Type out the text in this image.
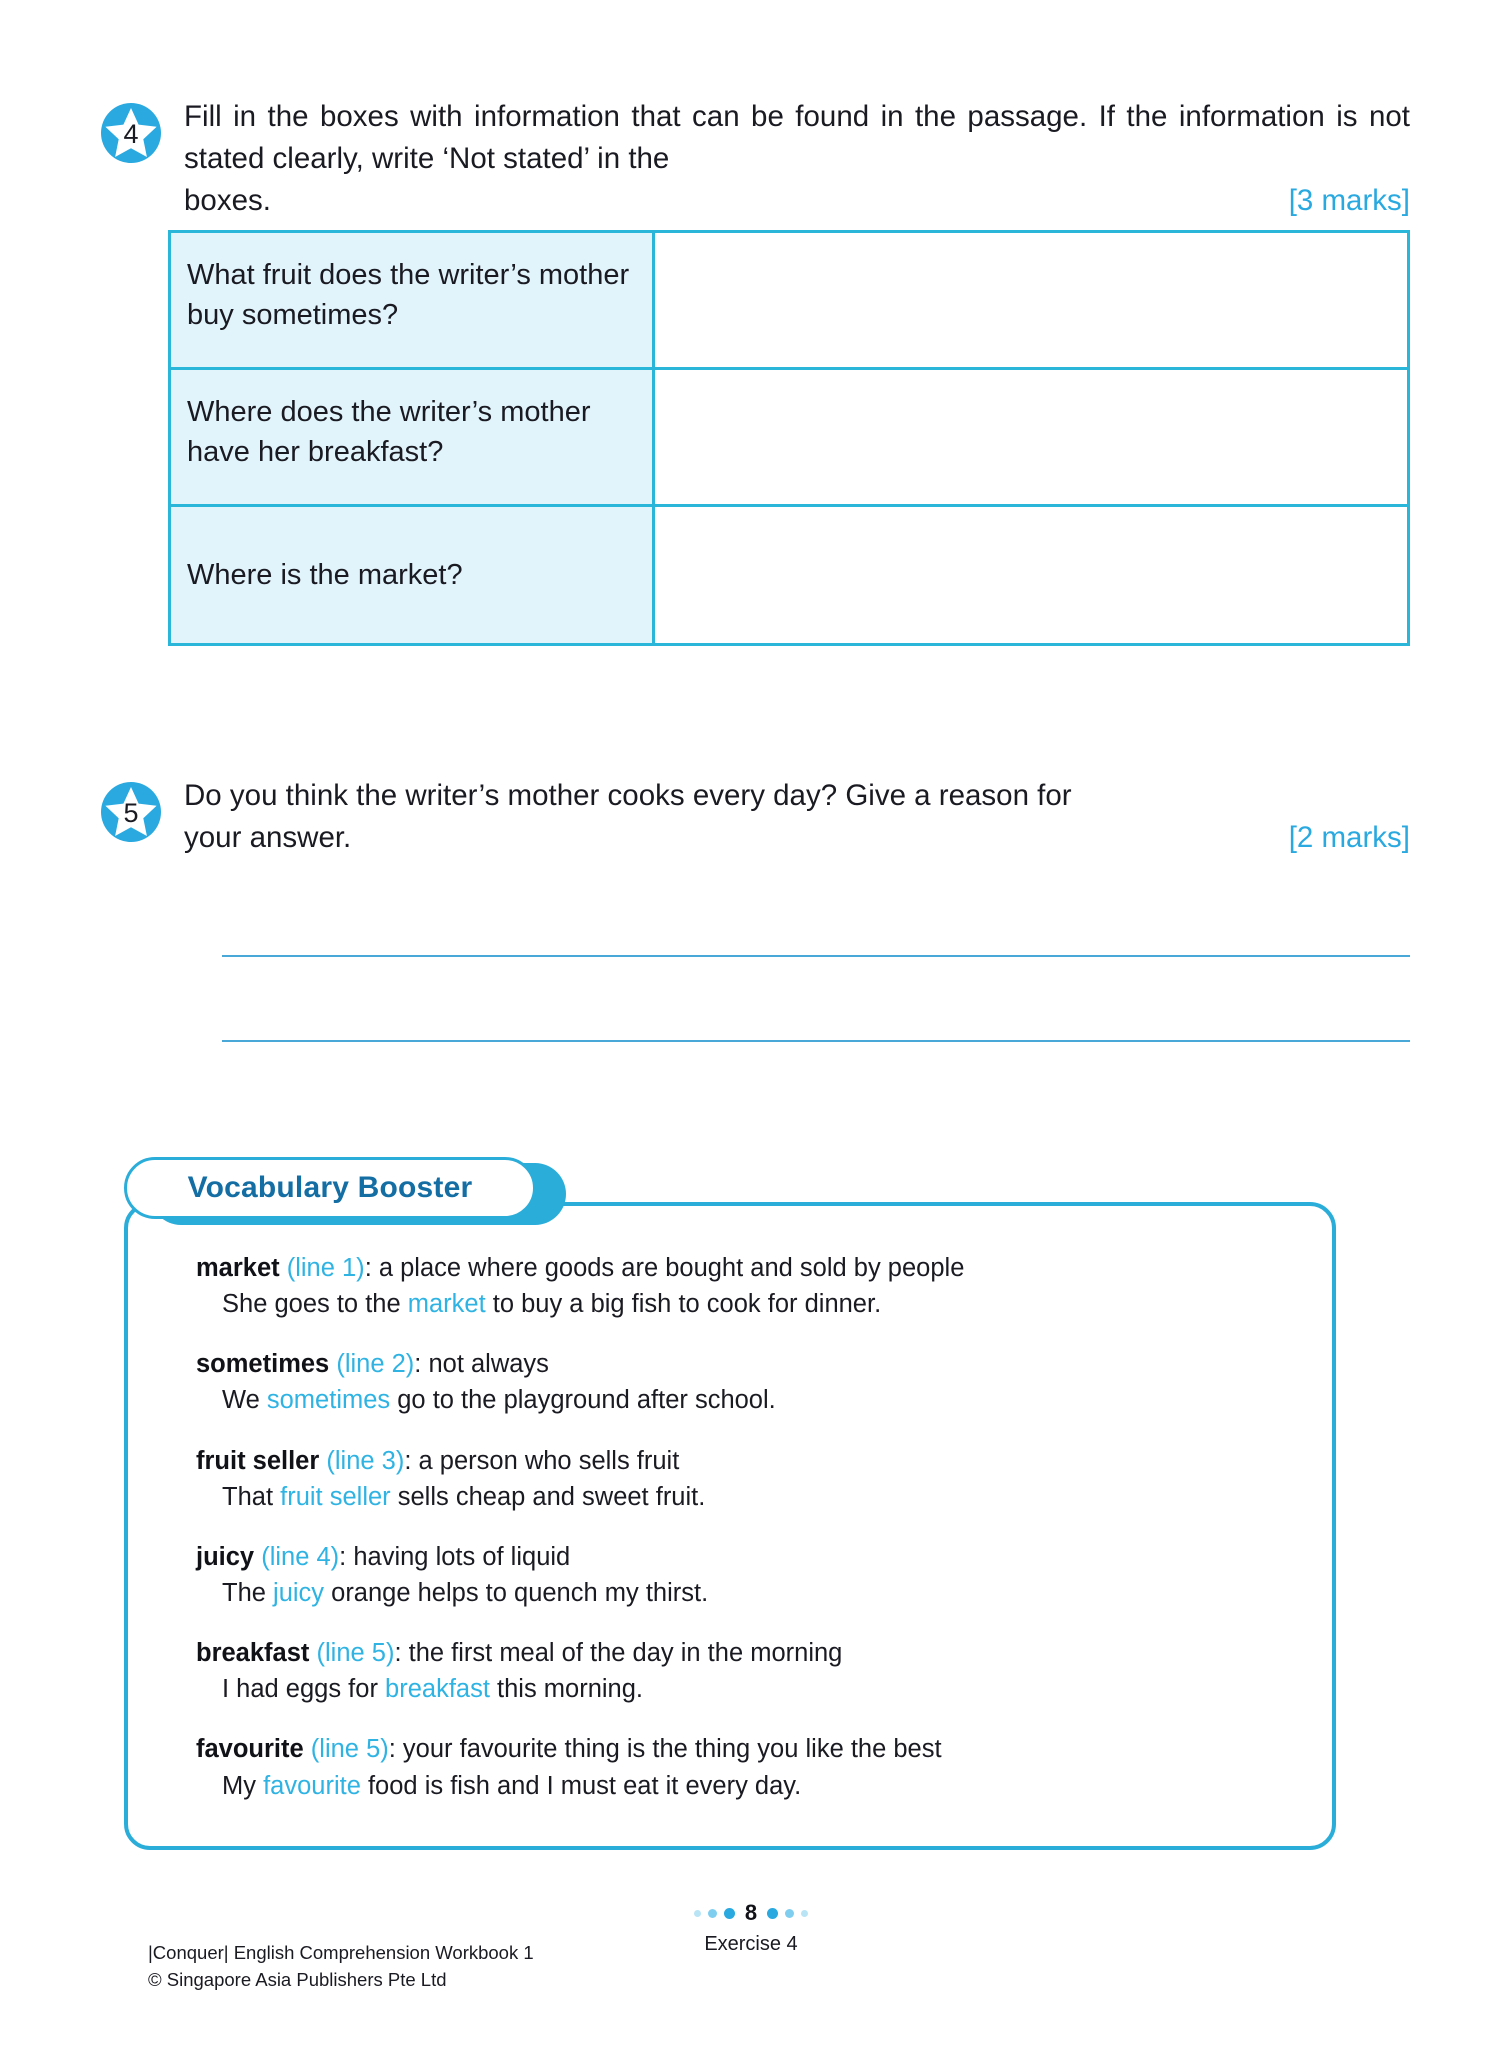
4
Fill in the boxes with information that can be found in the passage. If the information is not stated clearly, write ‘Not stated’ in the
boxes.	[3 marks]
What fruit does the writer’s mother buy sometimes?
Where does the writer’s mother have her breakfast?
Where is the market?
5
Do you think the writer’s mother cooks every day? Give a reason for
your answer.	[2 marks]
Vocabulary Booster
market (line 1): a place where goods are bought and sold by people
She goes to the market to buy a big fish to cook for dinner.
sometimes (line 2): not always
We sometimes go to the playground after school.
fruit seller (line 3): a person who sells fruit
That fruit seller sells cheap and sweet fruit.
juicy (line 4): having lots of liquid
The juicy orange helps to quench my thirst.
breakfast (line 5): the first meal of the day in the morning
I had eggs for breakfast this morning.
favourite (line 5): your favourite thing is the thing you like the best
My favourite food is fish and I must eat it every day.
8
Exercise 4
|Conquer| English Comprehension Workbook 1
© Singapore Asia Publishers Pte Ltd
